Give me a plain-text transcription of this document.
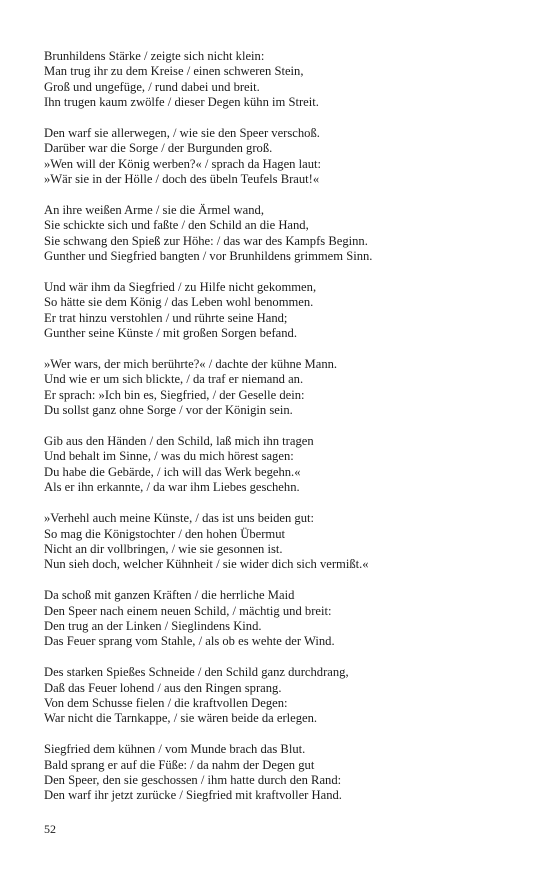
Brunhildens Stärke / zeigte sich nicht klein:
Man trug ihr zu dem Kreise / einen schweren Stein,
Groß und ungefüge, / rund dabei und breit.
Ihn trugen kaum zwölfe / dieser Degen kühn im Streit.
Den warf sie allerwegen, / wie sie den Speer verschoß.
Darüber war die Sorge / der Burgunden groß.
»Wen will der König werben?« / sprach da Hagen laut:
»Wär sie in der Hölle / doch des übeln Teufels Braut!«
An ihre weißen Arme / sie die Ärmel wand,
Sie schickte sich und faßte / den Schild an die Hand,
Sie schwang den Spieß zur Höhe: / das war des Kampfs Beginn.
Gunther und Siegfried bangten / vor Brunhildens grimmem Sinn.
Und wär ihm da Siegfried / zu Hilfe nicht gekommen,
So hätte sie dem König / das Leben wohl benommen.
Er trat hinzu verstohlen / und rührte seine Hand;
Gunther seine Künste / mit großen Sorgen befand.
»Wer wars, der mich berührte?« / dachte der kühne Mann.
Und wie er um sich blickte, / da traf er niemand an.
Er sprach: »Ich bin es, Siegfried, / der Geselle dein:
Du sollst ganz ohne Sorge / vor der Königin sein.
Gib aus den Händen / den Schild, laß mich ihn tragen
Und behalt im Sinne, / was du mich hörest sagen:
Du habe die Gebärde, / ich will das Werk begehn.«
Als er ihn erkannte, / da war ihm Liebes geschehn.
»Verhehl auch meine Künste, / das ist uns beiden gut:
So mag die Königstochter / den hohen Übermut
Nicht an dir vollbringen, / wie sie gesonnen ist.
Nun sieh doch, welcher Kühnheit / sie wider dich sich vermißt.«
Da schoß mit ganzen Kräften / die herrliche Maid
Den Speer nach einem neuen Schild, / mächtig und breit:
Den trug an der Linken / Sieglindens Kind.
Das Feuer sprang vom Stahle, / als ob es wehte der Wind.
Des starken Spießes Schneide / den Schild ganz durchdrang,
Daß das Feuer lohend / aus den Ringen sprang.
Von dem Schusse fielen / die kraftvollen Degen:
War nicht die Tarnkappe, / sie wären beide da erlegen.
Siegfried dem kühnen / vom Munde brach das Blut.
Bald sprang er auf die Füße: / da nahm der Degen gut
Den Speer, den sie geschossen / ihm hatte durch den Rand:
Den warf ihr jetzt zurücke / Siegfried mit kraftvoller Hand.
52
